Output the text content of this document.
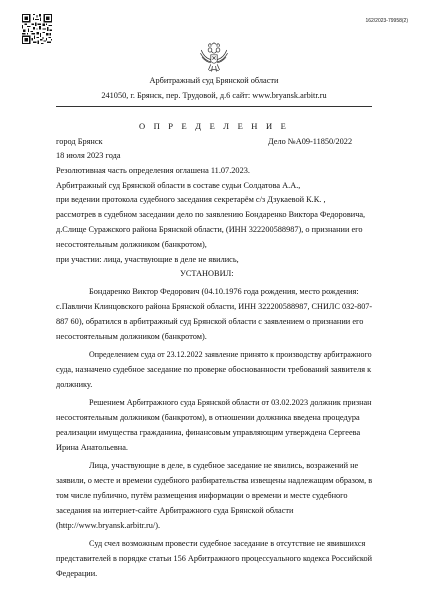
162/2023-79958(2)
Арбитражный суд Брянской области
241050, г. Брянск, пер. Трудовой, д.6 сайт: www.bryansk.arbitr.ru
О П Р Е Д Е Л Е Н И Е
город Брянск	Дело №А09-11850/2022
18 июля 2023 года
Резолютивная часть определения оглашена 11.07.2023.
Арбитражный суд Брянской области в составе судьи Солдатова А.А.,
при ведении протокола судебного заседания секретарём с/з Дзукаевой К.К. ,
рассмотрев в судебном заседании дело по заявлению Бондаренко Виктора Федоровича,
д.Слище Суражского района Брянской области, (ИНН 322200588987), о признании его
несостоятельным должником (банкротом),
при участии: лица, участвующие в деле не явились,
УСТАНОВИЛ:
Бондаренко Виктор Федорович (04.10.1976 года рождения, место рождения:
с.Павличи Клинцовского района Брянской области, ИНН 322200588987, СНИЛС 032-807-
887 60), обратился в арбитражный суд Брянской области с заявлением о признании его
несостоятельным должником (банкротом).
Определением суда от 23.12.2022 заявление принято к производству арбитражного
суда, назначено судебное заседание по проверке обоснованности требований заявителя к
должнику.
Решением Арбитражного суда Брянской области от 03.02.2023 должник признан
несостоятельным должником (банкротом), в отношении должника введена процедура
реализации имущества гражданина, финансовым управляющим утверждена Сергеева
Ирина Анатольевна.
Лица, участвующие в деле, в судебное заседание не явились, возражений не
заявили, о месте и времени судебного разбирательства извещены надлежащим образом, в
том числе публично, путём размещения информации о времени и месте судебного
заседания на интернет-сайте Арбитражного суда Брянской области
(http://www.bryansk.arbitr.ru/).
Суд счел возможным провести судебное заседание в отсутствие не явившихся
представителей в порядке статьи 156 Арбитражного процессуального кодекса Российской
Федерации.
